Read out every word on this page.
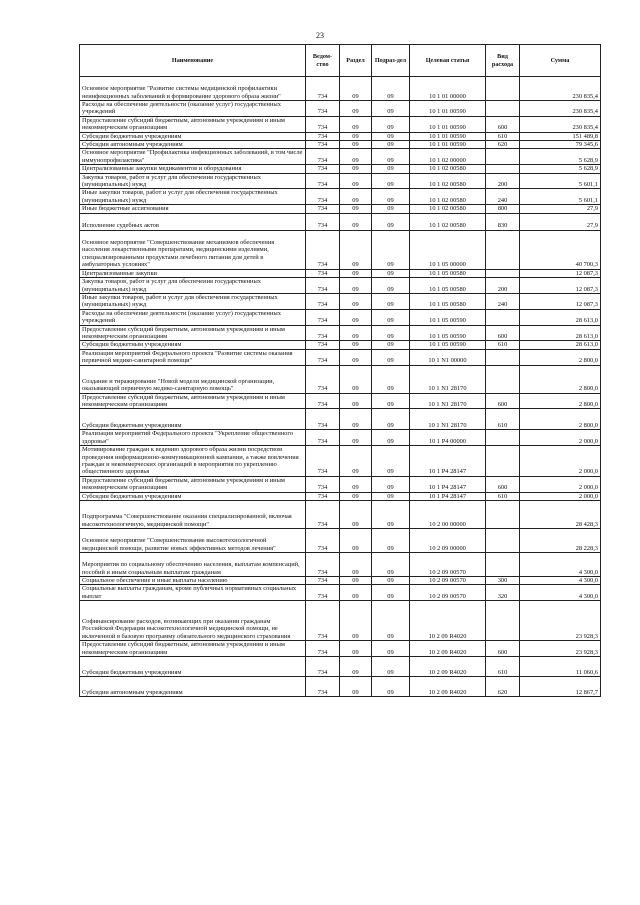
23
Наименование	Ведом-ство	Раздел	Подраз-дел	Целевая статья	Вид расхода	Сумма
Основное мероприятие "Развитие системы медицинской профилактики неинфекционных заболеваний и формирование здорового образа жизни"	734	09	09	10 1 01 00000		230 835,4
Расходы на обеспечение деятельности (оказание услуг) государственных учреждений	734	09	09	10 1 01 00590		230 835,4
Предоставление субсидий бюджетным, автономным учреждениям и иным некоммерческим организациям	734	09	09	10 1 01 00590	600	230 835,4
Субсидии бюджетным учреждениям	734	09	09	10 1 01 00590	610	151 489,8
Субсидии автономным учреждениям	734	09	09	10 1 01 00590	620	79 345,6
Основное мероприятие "Профилактика инфекционных заболеваний, в том числе иммунопрофилактика"	734	09	09	10 1 02 00000		5 628,9
Централизованные закупки медикаментов и оборудования	734	09	09	10 1 02 00580		5 628,9
Закупка товаров, работ и услуг для обеспечения государственных (муниципальных) нужд	734	09	09	10 1 02 00580	200	5 601,1
Иные закупки товаров, работ и услуг для обеспечения государственных (муниципальных) нужд	734	09	09	10 1 02 00580	240	5 601,1
Иные бюджетные ассигнования	734	09	09	10 1 02 00580	800	27,9
Исполнение судебных актов	734	09	09	10 1 02 00580	830	27,9
Основное мероприятие "Совершенствование механизмов обеспечения населения лекарственными препаратами, медицинскими изделиями, специализированными продуктами лечебного питания для детей в амбулаторных условиях"	734	09	09	10 1 05 00000		40 700,3
Централизованные закупки	734	09	09	10 1 05 00580		12 087,3
Закупка товаров, работ и услуг для обеспечения государственных (муниципальных) нужд	734	09	09	10 1 05 00580	200	12 087,3
Иные закупки товаров, работ и услуг для обеспечения государственных (муниципальных) нужд	734	09	09	10 1 05 00580	240	12 087,3
Расходы на обеспечение деятельности (оказание услуг) государственных учреждений	734	09	09	10 1 05 00590		28 613,0
Предоставление субсидий бюджетным, автономным учреждениям и иным некоммерческим организациям	734	09	09	10 1 05 00590	600	28 613,0
Субсидии бюджетным учреждениям	734	09	09	10 1 05 00590	610	28 613,0
Реализация мероприятий Федерального проекта "Развитие системы оказания первичной медико-санитарной помощи"	734	09	09	10 1 N1 00000		2 800,0
Создание и тиражирование "Новой модели медицинской организации, оказывающей первичную медико-санитарную помощь"	734	09	09	10 1 N1 28170		2 800,0
Предоставление субсидий бюджетным, автономным учреждениям и иным некоммерческим организациям	734	09	09	10 1 N1 28170	600	2 800,0
Субсидии бюджетным учреждениям	734	09	09	10 1 N1 28170	610	2 800,0
Реализация мероприятий Федерального проекта "Укрепление общественного здоровья"	734	09	09	10 1 P4 00000		2 000,0
Мотивирование граждан к ведению здорового образа жизни посредством проведения информационно-коммуникационной кампании, а также вовлечения граждан и некоммерческих организаций в мероприятия по укреплению общественного здоровья	734	09	09	10 1 P4 28147		2 000,0
Предоставление субсидий бюджетным, автономным учреждениям и иным некоммерческим организациям	734	09	09	10 1 P4 28147	600	2 000,0
Субсидии бюджетным учреждениям	734	09	09	10 1 P4 28147	610	2 000,0
Подпрограмма "Совершенствование оказания специализированной, включая высокотехнологичную, медицинской помощи"	734	09	09	10 2 00 00000		28 428,3
Основное мероприятие "Совершенствование высокотехнологичной медицинской помощи, развитие новых эффективных методов лечения"	734	09	09	10 2 09 00000		28 228,3
Мероприятия по социальному обеспечению населения, выплатам компенсаций, пособий и иным социальным выплатам гражданам	734	09	09	10 2 09 00570		4 300,0
Социальное обеспечение и иные выплаты населению	734	09	09	10 2 09 00570	300	4 300,0
Социальные выплаты гражданам, кроме публичных нормативных социальных выплат	734	09	09	10 2 09 00570	320	4 300,0
Софинансирование расходов, возникающих при оказании гражданам Российской Федерации высокотехнологичной медицинской помощи, не включенной в базовую программу обязательного медицинского страхования	734	09	09	10 2 09 R4020		23 928,3
Предоставление субсидий бюджетным, автономным учреждениям и иным некоммерческим организациям	734	09	09	10 2 09 R4020	600	23 928,3
Субсидии бюджетным учреждениям	734	09	09	10 2 09 R4020	610	11 060,6
Субсидии автономным учреждениям	734	09	09	10 2 09 R4020	620	12 867,7
